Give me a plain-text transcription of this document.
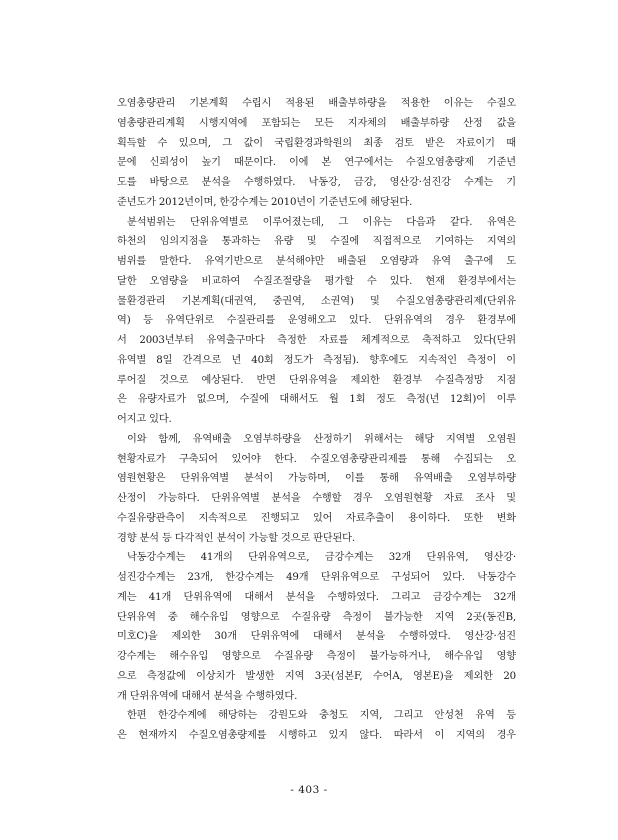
오염총량관리 기본계획 수립시 적용된 배출부하량을 적용한 이유는 수질오
염총량관리계획 시행지역에 포함되는 모든 지자체의 배출부하량 산정 값을
획득할 수 있으며, 그 값이 국립환경과학원의 최종 검토 받은 자료이기 때
문에 신뢰성이 높기 때문이다. 이에 본 연구에서는 수질오염총량제 기준년
도를 바탕으로 분석을 수행하였다. 낙동강, 금강, 영산강·섬진강 수계는 기
준년도가 2012년이며, 한강수계는 2010년이 기준년도에 해당된다.
분석범위는 단위유역별로 이루어졌는데, 그 이유는 다음과 같다. 유역은
하천의 임의지점을 통과하는 유량 및 수질에 직접적으로 기여하는 지역의
범위를 말한다. 유역기반으로 분석해야만 배출된 오염량과 유역 출구에 도
달한 오염량을 비교하여 수질조절량을 평가할 수 있다. 현재 환경부에서는
물환경관리 기본계획(대권역, 중권역, 소권역) 및 수질오염총량관리제(단위유
역) 등 유역단위로 수질관리를 운영해오고 있다. 단위유역의 경우 환경부에
서 2003년부터 유역출구마다 측정한 자료를 체계적으로 축적하고 있다(단위
유역별 8일 간격으로 년 40회 정도가 측정됨). 향후에도 지속적인 측정이 이
루어질 것으로 예상된다. 반면 단위유역을 제외한 환경부 수질측정망 지점
은 유량자료가 없으며, 수질에 대해서도 월 1회 정도 측정(년 12회)이 이루
어지고 있다.
이와 함께, 유역배출 오염부하량을 산정하기 위해서는 해당 지역별 오염원
현황자료가 구축되어 있어야 한다. 수질오염총량관리제를 통해 수집되는 오
염원현황은 단위유역별 분석이 가능하며, 이를 통해 유역배출 오염부하량
산정이 가능하다. 단위유역별 분석을 수행할 경우 오염원현황 자료 조사 및
수질유량관측이 지속적으로 진행되고 있어 자료추출이 용이하다. 또한 변화
경향 분석 등 다각적인 분석이 가능할 것으로 판단된다.
낙동강수계는 41개의 단위유역으로, 금강수계는 32개 단위유역, 영산강·
섬진강수계는 23개, 한강수계는 49개 단위유역으로 구성되어 있다. 낙동강수
계는 41개 단위유역에 대해서 분석을 수행하였다. 그리고 금강수계는 32개
단위유역 중 해수유입 영향으로 수질유량 측정이 불가능한 지역 2곳(동진B,
미호C)을 제외한 30개 단위유역에 대해서 분석을 수행하였다. 영산강·섬진
강수계는 해수유입 영향으로 수질유량 측정이 불가능하거나, 해수유입 영향
으로 측정값에 이상치가 발생한 지역 3곳(섬본F, 수어A, 영본E)을 제외한 20
개 단위유역에 대해서 분석을 수행하였다.
한편 한강수계에 해당하는 강원도와 충청도 지역, 그리고 안성천 유역 등
은 현재까지 수질오염총량제를 시행하고 있지 않다. 따라서 이 지역의 경우
- 403 -
